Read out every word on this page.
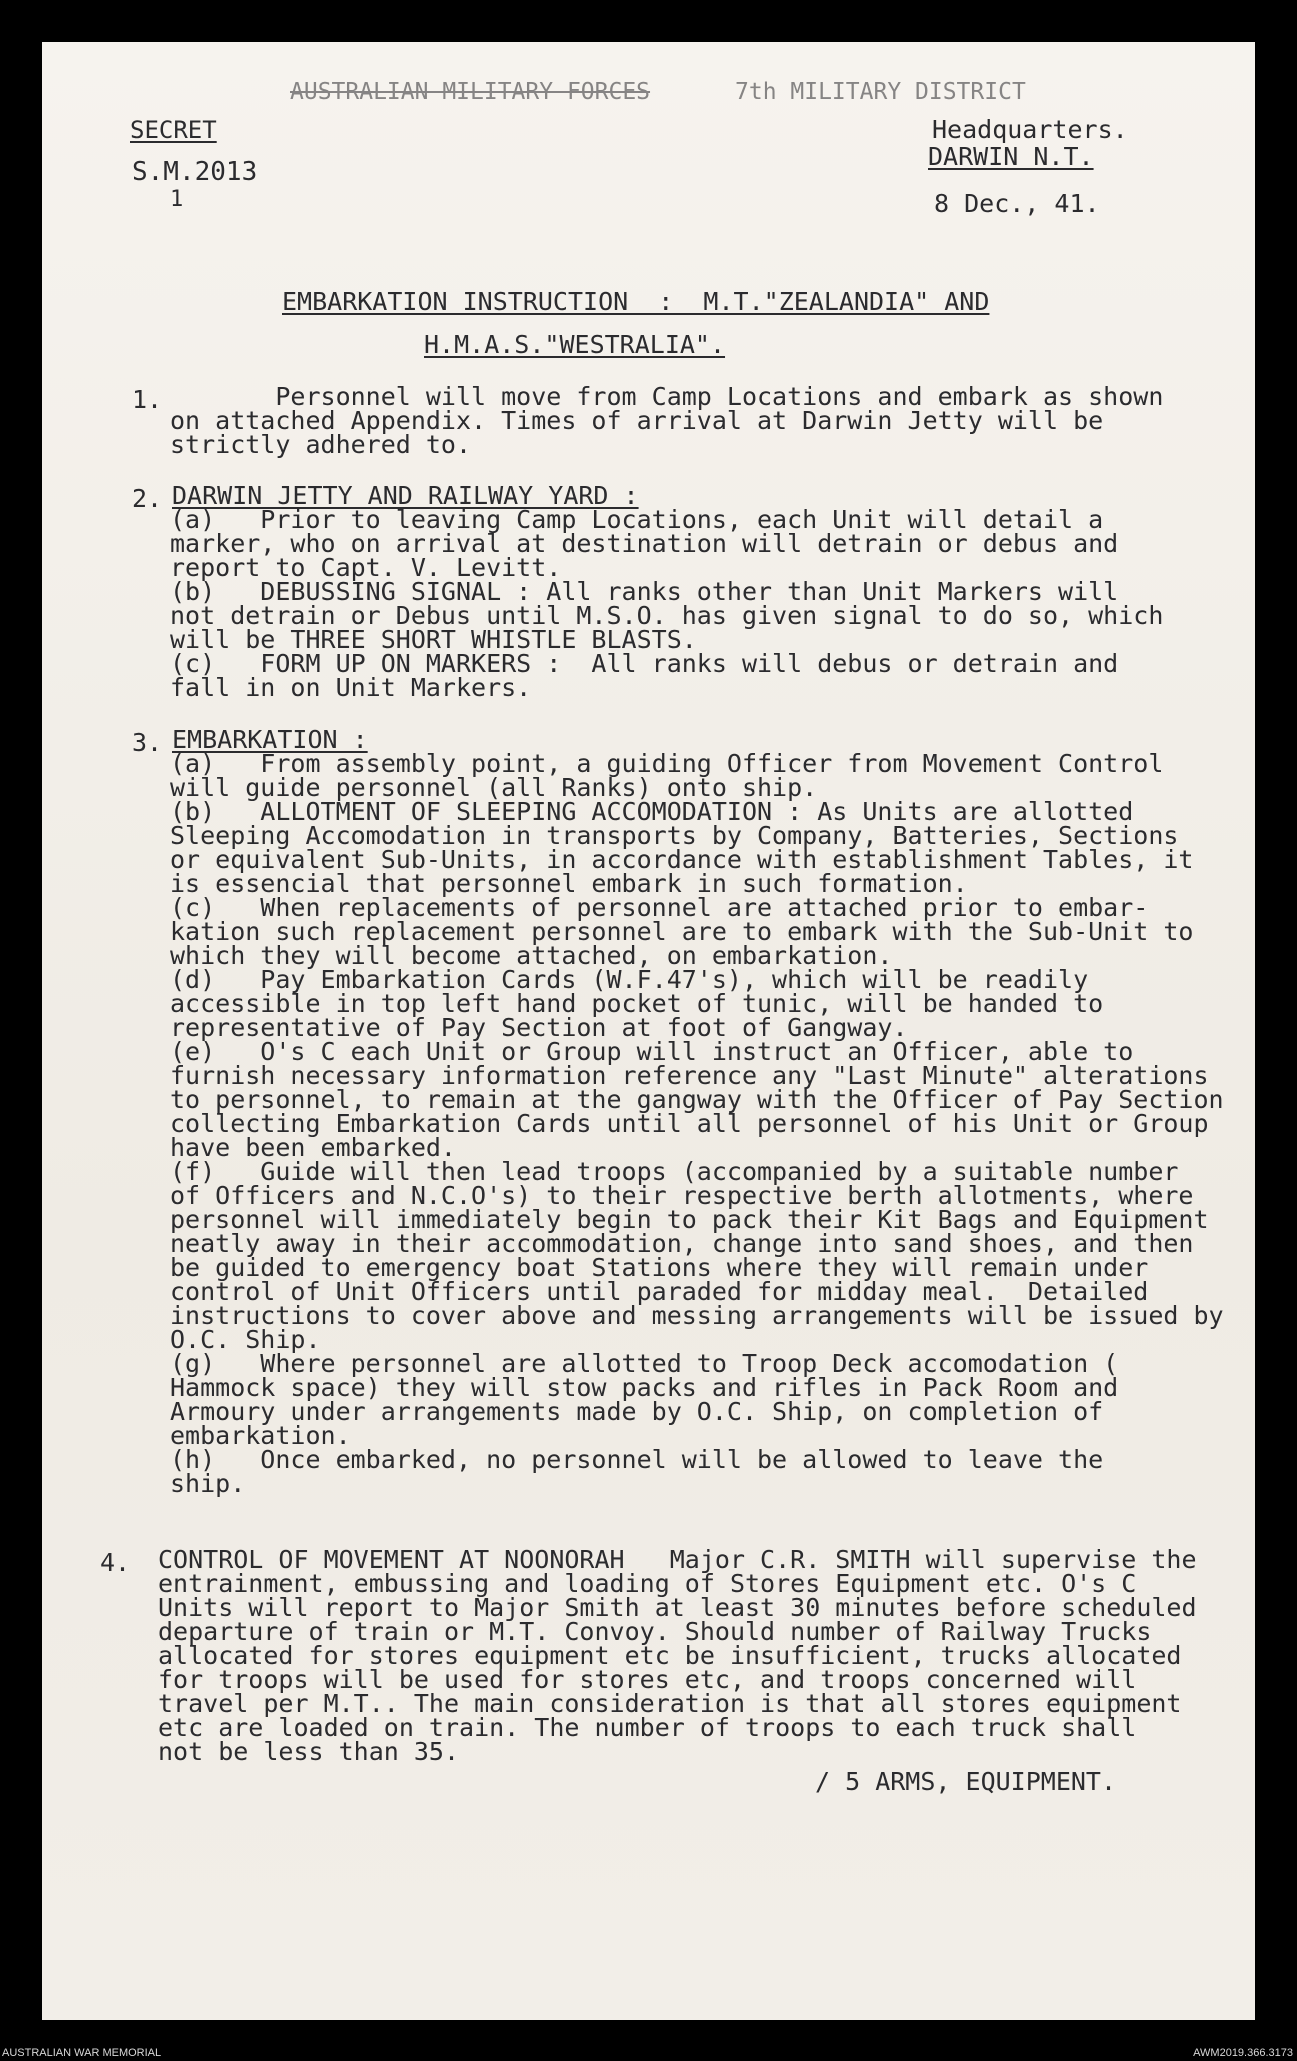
AUSTRALIAN MILITARY FORCES	7th MILITARY DISTRICT
SECRET
S.M.2013
1
Headquarters.
DARWIN N.T.
8 Dec., 41.
EMBARKATION INSTRUCTION  :  M.T."ZEALANDIA" AND
H.M.A.S."WESTRALIA".
1. Personnel will move from Camp Locations and embark as shown
on attached Appendix. Times of arrival at Darwin Jetty will be
strictly adhered to.
2. DARWIN JETTY AND RAILWAY YARD :
(a)   Prior to leaving Camp Locations, each Unit will detail a
marker, who on arrival at destination will detrain or debus and
report to Capt. V. Levitt.
(b)   DEBUSSING SIGNAL : All ranks other than Unit Markers will
not detrain or Debus until M.S.O. has given signal to do so, which
will be THREE SHORT WHISTLE BLASTS.
(c)   FORM UP ON MARKERS :  All ranks will debus or detrain and
fall in on Unit Markers.
3. EMBARKATION :
(a)   From assembly point, a guiding Officer from Movement Control
will guide personnel (all Ranks) onto ship.
(b)   ALLOTMENT OF SLEEPING ACCOMODATION : As Units are allotted
Sleeping Accomodation in transports by Company, Batteries, Sections
or equivalent Sub-Units, in accordance with establishment Tables, it
is essencial that personnel embark in such formation.
(c)   When replacements of personnel are attached prior to embar-
kation such replacement personnel are to embark with the Sub-Unit to
which they will become attached, on embarkation.
(d)   Pay Embarkation Cards (W.F.47's), which will be readily
accessible in top left hand pocket of tunic, will be handed to
representative of Pay Section at foot of Gangway.
(e)   O's C each Unit or Group will instruct an Officer, able to
furnish necessary information reference any "Last Minute" alterations
to personnel, to remain at the gangway with the Officer of Pay Section
collecting Embarkation Cards until all personnel of his Unit or Group
have been embarked.
(f)   Guide will then lead troops (accompanied by a suitable number
of Officers and N.C.O's) to their respective berth allotments, where
personnel will immediately begin to pack their Kit Bags and Equipment
neatly away in their accommodation, change into sand shoes, and then
be guided to emergency boat Stations where they will remain under
control of Unit Officers until paraded for midday meal.  Detailed
instructions to cover above and messing arrangements will be issued by
O.C. Ship.
(g)   Where personnel are allotted to Troop Deck accomodation (
Hammock space) they will stow packs and rifles in Pack Room and
Armoury under arrangements made by O.C. Ship, on completion of
embarkation.
(h)   Once embarked, no personnel will be allowed to leave the
ship.
4. CONTROL OF MOVEMENT AT NOONORAH   Major C.R. SMITH will supervise the
entrainment, embussing and loading of Stores Equipment etc. O's C
Units will report to Major Smith at least 30 minutes before scheduled
departure of train or M.T. Convoy. Should number of Railway Trucks
allocated for stores equipment etc be insufficient, trucks allocated
for troops will be used for stores etc, and troops concerned will
travel per M.T.. The main consideration is that all stores equipment
etc are loaded on train. The number of troops to each truck shall
not be less than 35.
/ 5 ARMS, EQUIPMENT.
AUSTRALIAN WAR MEMORIAL	AWM2019.366.3173
